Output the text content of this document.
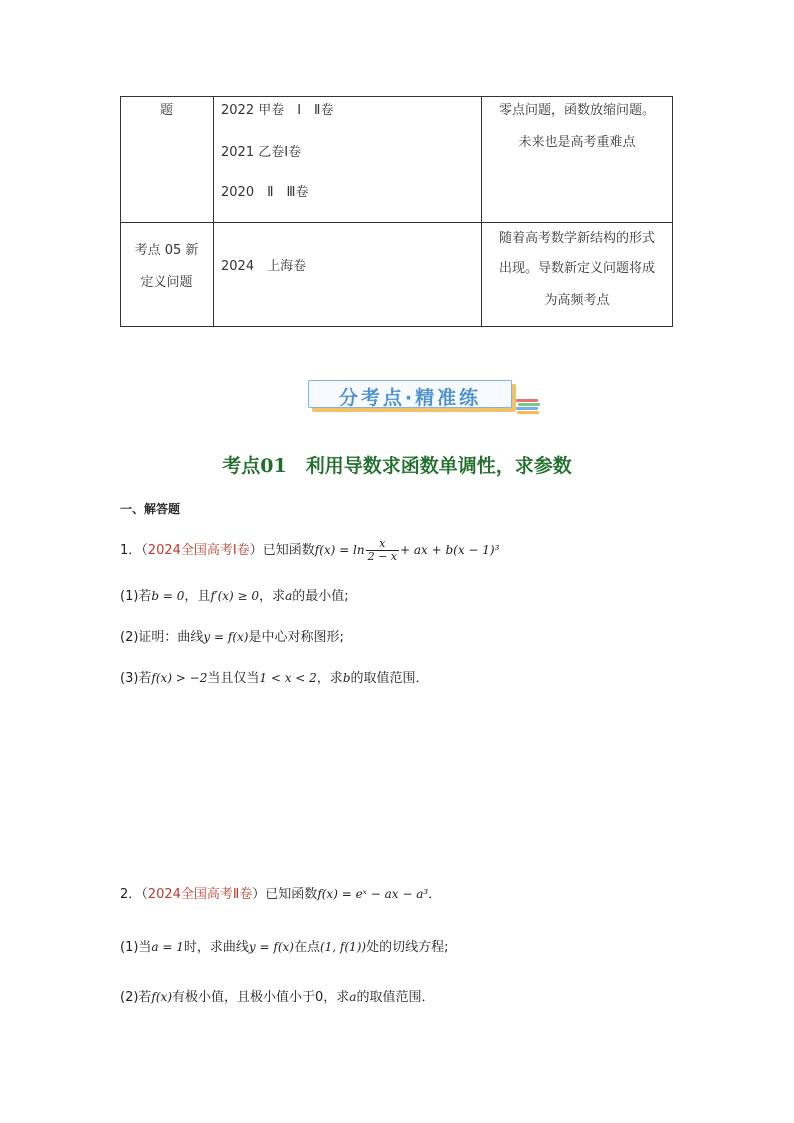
题	2022 甲卷　Ⅰ　Ⅱ卷
2021 乙卷Ⅰ卷
2020　Ⅱ　Ⅲ卷
零点问题，函数放缩问题。
未来也是高考重难点
考点 05 新
定义问题
2024　上海卷
随着高考数学新结构的形式
出现。导数新定义问题将成
为高频考点
分考点·精准练
考点01　利用导数求函数单调性，求参数
一、解答题
1．（2024全国高考Ⅰ卷）已知函数$f(x) = \ln \frac{x}{2 - x}$ + ax + b(x − 1)³
(1)若b = 0，且f′(x) ≥ 0，求a的最小值;
(2)证明：曲线y = f(x)是中心对称图形;
(3)若f(x) > −2当且仅当1 < x < 2，求b的取值范围．
2．（2024全国高考Ⅱ卷）已知函数f(x) = eˣ − ax − a³．
(1)当a = 1时，求曲线y = f(x)在点(1, f(1))处的切线方程;
(2)若f(x)有极小值，且极小值小于0，求a的取值范围．
